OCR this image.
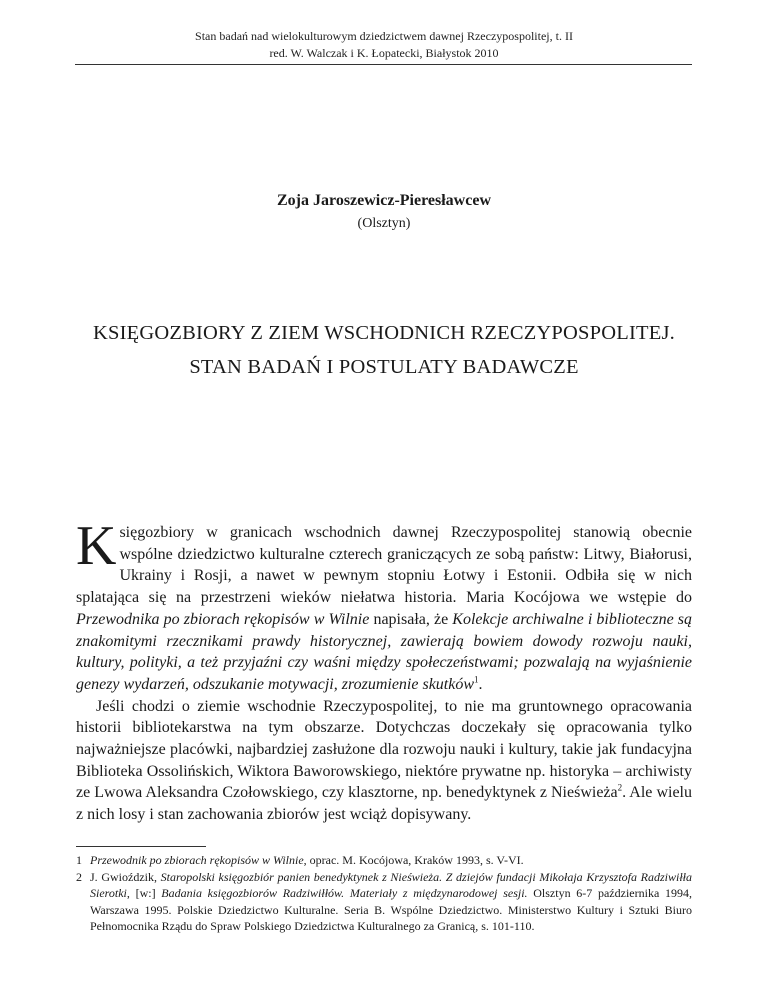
Stan badań nad wielokulturowym dziedzictwem dawnej Rzeczypospolitej, t. II
red. W. Walczak i K. Łopatecki, Białystok 2010
Zoja Jaroszewicz-Pieresławcew
(Olsztyn)
KSIĘGOZBIORY Z ZIEM WSCHODNICH RZECZYPOSPOLITEJ.
STAN BADAŃ I POSTULATY BADAWCZE

Księgozbiory w granicach wschodnich dawnej Rzeczypospolitej stanowią obecnie wspólne dziedzictwo kulturalne czterech graniczących ze sobą państw: Litwy, Białorusi, Ukrainy i Rosji, a nawet w pewnym stopniu Łotwy i Estonii. Odbiła się w nich splatająca się na przestrzeni wieków niełatwa historia. Maria Kocójowa we wstępie do Przewodnika po zbiorach rękopisów w Wilnie napisała, że Kolekcje archiwalne i biblioteczne są znakomitymi rzecznikami prawdy historycznej, zawierają bowiem dowody rozwoju nauki, kultury, polityki, a też przyjaźni czy waśni między społeczeństwami; pozwalają na wyjaśnienie genezy wydarzeń, odszukanie motywacji, zrozumienie skutków$^1$.

Jeśli chodzi o ziemie wschodnie Rzeczypospolitej, to nie ma gruntownego opracowania historii bibliotekarstwa na tym obszarze. Dotychczas doczekały się opracowania tylko najważniejsze placówki, najbardziej zasłużone dla rozwoju nauki i kultury, takie jak fundacyjna Biblioteka Ossolińskich, Wiktora Baworowskiego, niektóre prywatne np. historyka – archiwisty ze Lwowa Aleksandra Czołowskiego, czy klasztorne, np. benedyktynek z Nieświeża$^2$. Ale wielu z nich losy i stan zachowania zbiorów jest wciąż dopisywany.

1 Przewodnik po zbiorach rękopisów w Wilnie, oprac. M. Kocójowa, Kraków 1993, s. V-VI.

2 J. Gwioździk, Staropolski księgozbiór panien benedyktynek z Nieświeża. Z dziejów fundacji Mikołaja Krzysztofa Radziwiłła Sierotki, [w:] Badania księgozbiorów Radziwiłłów. Materiały z międzynarodowej sesji. Olsztyn 6-7 października 1994, Warszawa 1995. Polskie Dziedzictwo Kulturalne. Seria B. Wspólne Dziedzictwo. Ministerstwo Kultury i Sztuki Biuro Pełnomocnika Rządu do Spraw Polskiego Dziedzictwa Kulturalnego za Granicą, s. 101-110.
